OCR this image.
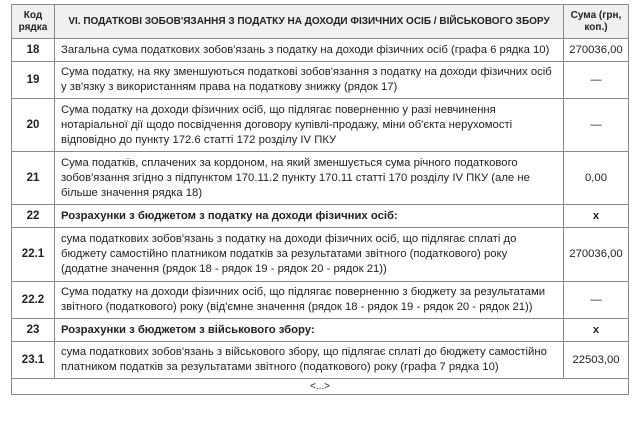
Код рядка	VI. ПОДАТКОВІ ЗОБОВ'ЯЗАННЯ З ПОДАТКУ НА ДОХОДИ ФІЗИЧНИХ ОСІБ / ВІЙСЬКОВОГО ЗБОРУ	Сума (грн, коп.)
18	Загальна сума податкових зобов'язань з податку на доходи фізичних осіб (графа 6 рядка 10)	270036,00
19	Сума податку, на яку зменшуються податкові зобов'язання з податку на доходи фізичних осіб у зв'язку з використанням права на податкову знижку (рядок 17)	—
20	Сума податку на доходи фізичних осіб, що підлягає поверненню у разі невчинення нотаріальної дії щодо посвідчення договору купівлі-продажу, міни об'єкта нерухомості відповідно до пункту 172.6 статті 172 розділу IV ПКУ	—
21	Сума податків, сплачених за кордоном, на який зменшується сума річного податкового зобов'язання згідно з підпунктом 170.11.2 пункту 170.11 статті 170 розділу IV ПКУ (але не більше значення рядка 18)	0,00
22	Розрахунки з бюджетом з податку на доходи фізичних осіб:	x
22.1	сума податкових зобов'язань з податку на доходи фізичних осіб, що підлягає сплаті до бюджету самостійно платником податків за результатами звітного (податкового) року (додатне значення (рядок 18 - рядок 19 - рядок 20 - рядок 21))	270036,00
22.2	Сума податку на доходи фізичних осіб, що підлягає поверненню з бюджету за результатами звітного (податкового) року (від'ємне значення (рядок 18 - рядок 19 - рядок 20 - рядок 21))	—
23	Розрахунки з бюджетом з військового збору:	x
23.1	сума податкових зобов'язань з військового збору, що підлягає сплаті до бюджету самостійно платником податків за результатами звітного (податкового) року (графа 7 рядка 10)	22503,00
<...>		
